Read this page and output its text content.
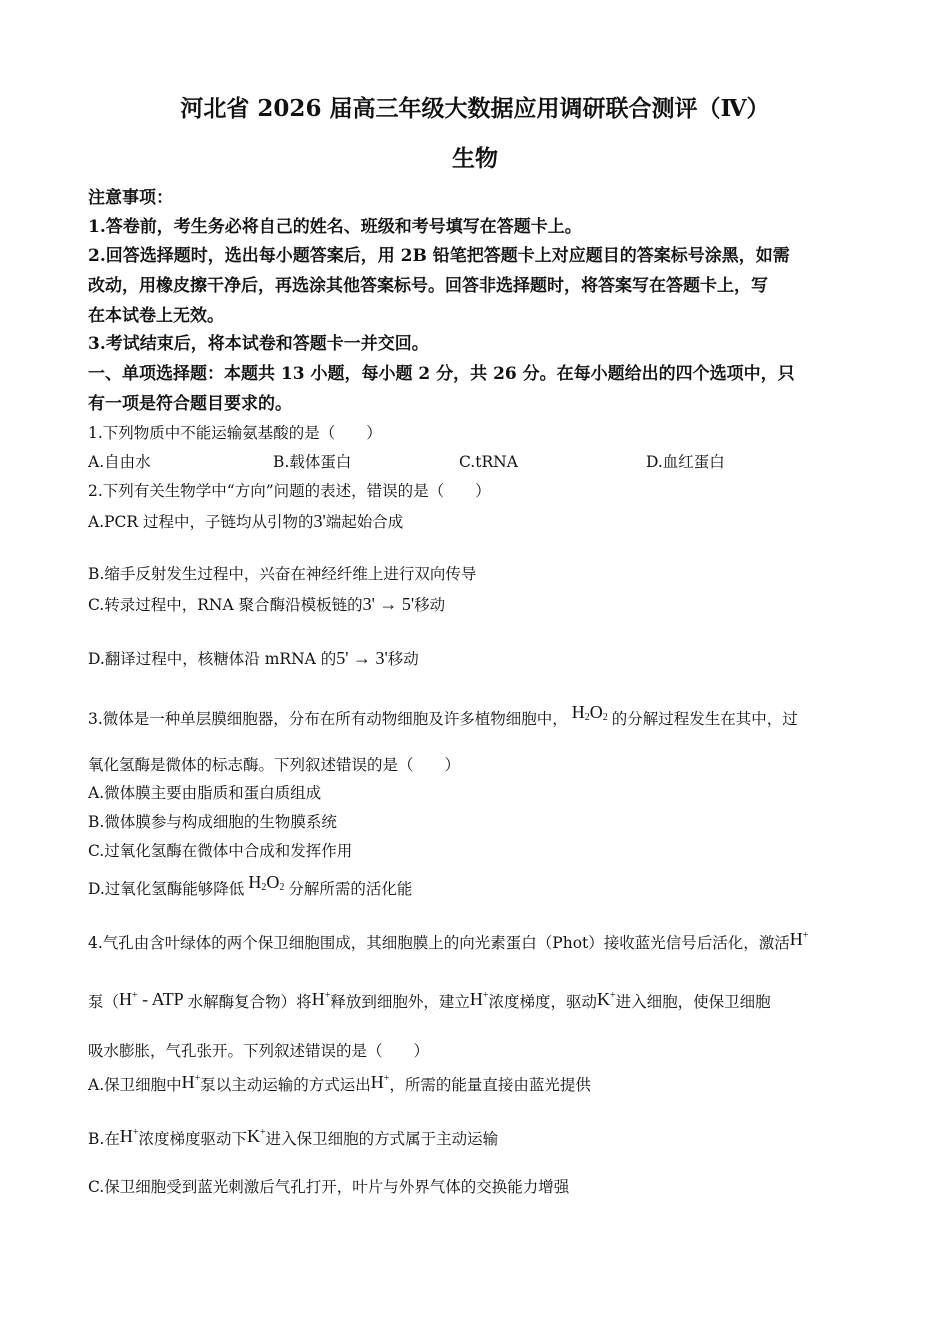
河北省 2026 届高三年级大数据应用调研联合测评（Ⅳ）
生物
注意事项：
1.答卷前，考生务必将自己的姓名、班级和考号填写在答题卡上。
2.回答选择题时，选出每小题答案后，用 2B 铅笔把答题卡上对应题目的答案标号涂黑，如需
改动，用橡皮擦干净后，再选涂其他答案标号。回答非选择题时，将答案写在答题卡上，写
在本试卷上无效。
3.考试结束后，将本试卷和答题卡一并交回。
一、单项选择题：本题共 13 小题，每小题 2 分，共 26 分。在每小题给出的四个选项中，只
有一项是符合题目要求的。
1.下列物质中不能运输氨基酸的是（　　）
A.自由水	B.载体蛋白	C.tRNA	D.血红蛋白
2.下列有关生物学中“方向”问题的表述，错误的是（　　）
A.PCR 过程中，子链均从引物的3'端起始合成
B.缩手反射发生过程中，兴奋在神经纤维上进行双向传导
C.转录过程中，RNA 聚合酶沿模板链的3' → 5'移动
D.翻译过程中，核糖体沿 mRNA 的5' → 3'移动
3.微体是一种单层膜细胞器，分布在所有动物细胞及许多植物细胞中， $H_2O_2$ 的分解过程发生在其中，过
氧化氢酶是微体的标志酶。下列叙述错误的是（　　）
A.微体膜主要由脂质和蛋白质组成
B.微体膜参与构成细胞的生物膜系统
C.过氧化氢酶在微体中合成和发挥作用
D.过氧化氢酶能够降低 $H_2O_2$ 分解所需的活化能
4.气孔由含叶绿体的两个保卫细胞围成，其细胞膜上的向光素蛋白（Phot）接收蓝光信号后活化，激活H+
泵（H+ - ATP 水解酶复合物）将H+释放到细胞外，建立H+浓度梯度，驱动K+进入细胞，使保卫细胞
吸水膨胀，气孔张开。下列叙述错误的是（　　）
A.保卫细胞中H+泵以主动运输的方式运出H+，所需的能量直接由蓝光提供
B.在H+浓度梯度驱动下K+进入保卫细胞的方式属于主动运输
C.保卫细胞受到蓝光刺激后气孔打开，叶片与外界气体的交换能力增强
